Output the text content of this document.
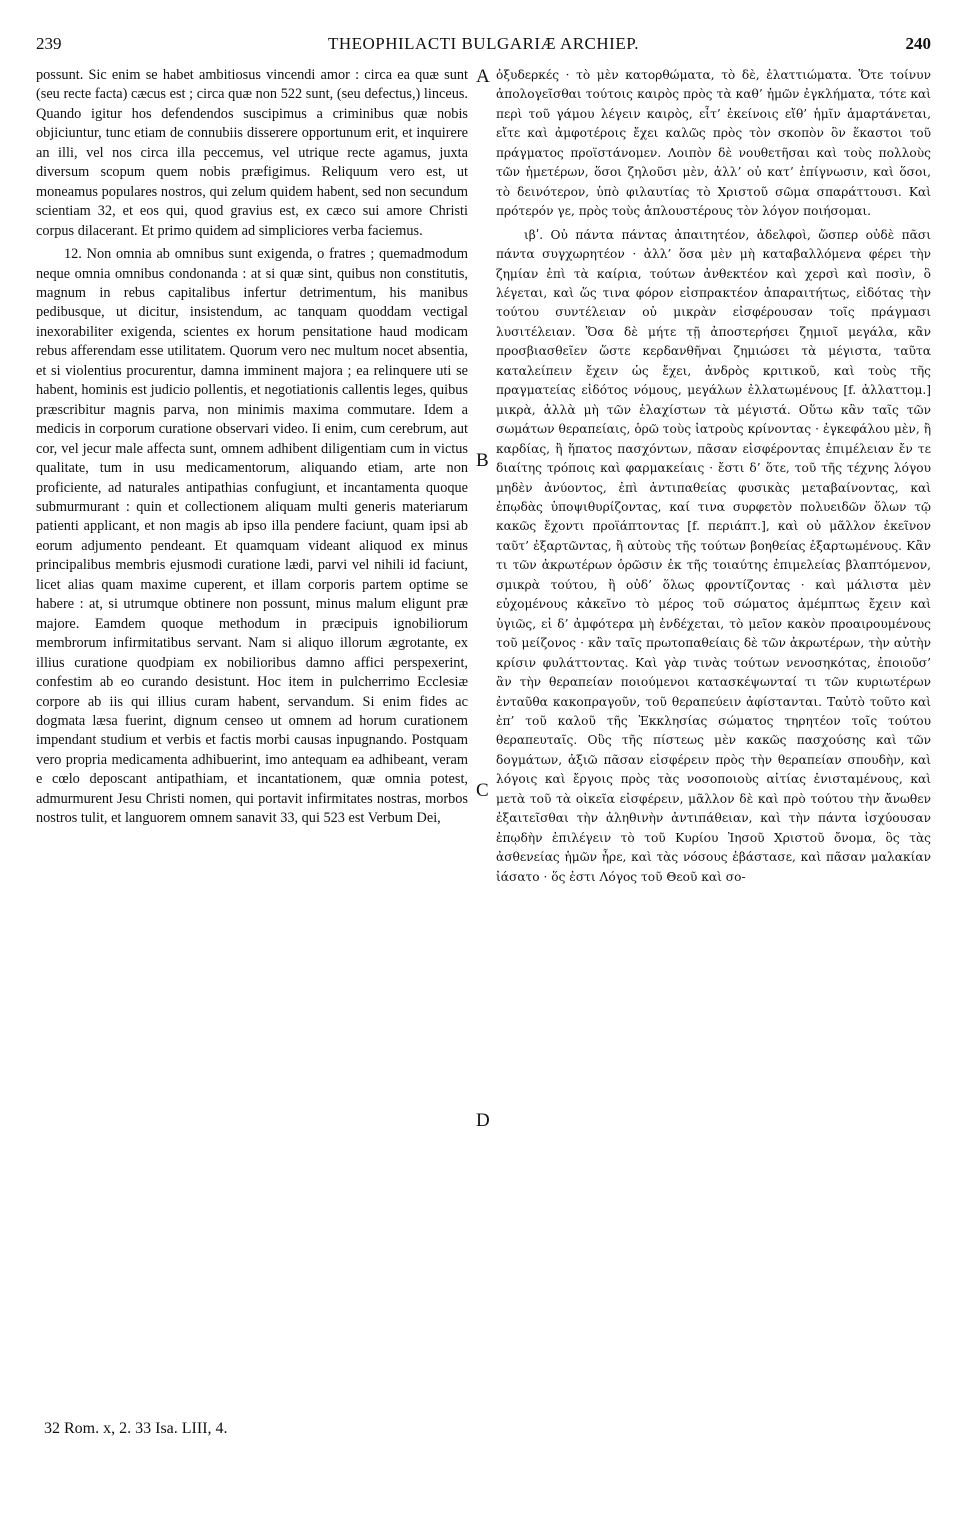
239	THEOPHILACTI BULGARIÆ ARCHIEP.	240

possunt. Sic enim se habet ambitiosus vincendi amor : circa ea quæ sunt (seu recte facta) cæcus est ; circa quæ non 522 sunt, (seu defectus,) linceus. Quando igitur hos defendendos suscipimus a criminibus quæ nobis objiciuntur, tunc etiam de connubiis disserere opportunum erit, et inquirere an illi, vel nos circa illa peccemus, vel utrique recte agamus, juxta diversum scopum quem nobis præfigimus. Reliquum vero est, ut moneamus populares nostros, qui zelum quidem habent, sed non secundum scientiam 32, et eos qui, quod gravius est, ex cæco sui amore Christi corpus dilacerant. Et primo quidem ad simpliciores verba faciemus.

12. Non omnia ab omnibus sunt exigenda, o fratres ; quemadmodum neque omnia omnibus condonanda : at si quæ sint, quibus non constitutis, magnum in rebus capitalibus infertur detrimentum, his manibus pedibusque, ut dicitur, insistendum, ac tanquam quoddam vectigal inexorabiliter exigenda, scientes ex horum pensitatione haud modicam rebus afferendam esse utilitatem. Quorum vero nec multum nocet absentia, et si violentius procurentur, damna imminent majora ; ea relinquere uti se habent, hominis est judicio pollentis, et negotiationis callentis leges, quibus præscribitur magnis parva, non minimis maxima commutare. Idem a medicis in corporum curatione observari video. Ii enim, cum cerebrum, aut cor, vel jecur male affecta sunt, omnem adhibent diligentiam cum in victus qualitate, tum in usu medicamentorum, aliquando etiam, arte non proficiente, ad naturales antipathias confugiunt, et incantamenta quoque submurmurant : quin et collectionem aliquam multi generis materiarum patienti applicant, et non magis ab ipso illa pendere faciunt, quam ipsi ab eorum adjumento pendeant. Et quamquam videant aliquod ex minus principalibus membris ejusmodi curatione lædi, parvi vel nihili id faciunt, licet alias quam maxime cuperent, et illam corporis partem optime se habere : at, si utrumque obtinere non possunt, minus malum eligunt præ majore. Eamdem quoque methodum in præcipuis ignobiliorum membrorum infirmitatibus servant. Nam si aliquo illorum ægrotante, ex illius curatione quodpiam ex nobilioribus damno affici perspexerint, confestim ab eo curando desistunt. Hoc item in pulcherrimo Ecclesiæ corpore ab iis qui illius curam habent, servandum. Si enim fides ac dogmata læsa fuerint, dignum censeo ut omnem ad horum curationem impendant studium et verbis et factis morbi causas inpugnando. Postquam vero propria medicamenta adhibuerint, imo antequam ea adhibeant, veram e cœlo deposcant antipathiam, et incantationem, quæ omnia potest, admurmurent Jesu Christi nomen, qui portavit infirmitates nostras, morbos nostros tulit, et languorem omnem sanavit 33, qui 523 est Verbum Dei,

ὀξυδερκές · τὸ μὲν κατορθώματα, τὸ δὲ, ἐλαττιώματα. Ὅτε τοίνυν ἀπολογεῖσθαι τούτοις καιρὸς πρὸς τὰ καθ’ ἡμῶν ἐγκλήματα, τότε καὶ περὶ τοῦ γάμου λέγειν καιρὸς, εἶτ’ ἐκείνοις εἴθ’ ἡμῖν ἁμαρτάνεται, εἴτε καὶ ἀμφοτέροις ἔχει καλῶς πρὸς τὸν σκοπὸν ὃν ἕκαστοι τοῦ πράγματος προϊστάνομεν. Λοιπὸν δὲ νουθετῆσαι καὶ τοὺς πολλοὺς τῶν ἡμετέρων, ὅσοι ζηλοῦσι μὲν, ἀλλ’ οὐ κατ’ ἐπίγνωσιν, καὶ ὅσοι, τὸ δεινότερον, ὑπὸ φιλαυτίας τὸ Χριστοῦ σῶμα σπαράττουσι. Καὶ πρότερόν γε, πρὸς τοὺς ἁπλουστέρους τὸν λόγον ποιήσομαι.

ιβʹ. Οὐ πάντα πάντας ἀπαιτητέον, ἀδελφοὶ, ὥσπερ οὐδὲ πᾶσι πάντα συγχωρητέον · ἀλλ’ ὅσα μὲν μὴ καταβαλλόμενα φέρει τὴν ζημίαν ἐπὶ τὰ καίρια, τούτων ἀνθεκτέον καὶ χερσὶ καὶ ποσὶν, ὃ λέγεται, καὶ ὥς τινα φόρον εἰσπρακτέον ἀπαραιτήτως, εἰδότας τὴν τούτου συντέλειαν οὐ μικρὰν εἰσφέρουσαν τοῖς πράγμασι λυσιτέλειαν. Ὅσα δὲ μήτε τῇ ἀποστερήσει ζημιοῖ μεγάλα, κἂν προσβιασθεῖεν ὥστε κερδανθῆναι ζημιώσει τὰ μέγιστα, ταῦτα καταλείπειν ἔχειν ὡς ἔχει, ἀνδρὸς κριτικοῦ, καὶ τοὺς τῆς πραγματείας εἰδότος νόμους, μεγάλων ἐλλατωμένους [f. ἀλλαττομ.] μικρὰ, ἀλλὰ μὴ τῶν ἐλαχίστων τὰ μέγιστά. Οὕτω κἂν ταῖς τῶν σωμάτων θεραπείαις, ὁρῶ τοὺς ἰατροὺς κρίνοντας · ἐγκεφάλου μὲν, ἢ καρδίας, ἢ ἥπατος πασχόντων, πᾶσαν εἰσφέροντας ἐπιμέλειαν ἔν τε διαίτης τρόποις καὶ φαρμακείαις · ἔστι δ’ ὅτε, τοῦ τῆς τέχνης λόγου μηδὲν ἀνύοντος, ἐπὶ ἀντιπαθείας φυσικὰς μεταβαίνοντας, καὶ ἐπῳδὰς ὑποψιθυρίζοντας, καί τινα συρφετὸν πολυειδῶν ὅλων τῷ κακῶς ἔχοντι προϊάπτοντας [f. περιάπτ.], καὶ οὐ μᾶλλον ἐκεῖνον ταῦτ’ ἐξαρτῶντας, ἢ αὐτοὺς τῆς τούτων βοηθείας ἐξαρτωμένους. Κἂν τι τῶν ἀκρωτέρων ὁρῶσιν ἐκ τῆς τοιαύτης ἐπιμελείας βλαπτόμενον, σμικρὰ τούτου, ἢ οὐδ’ ὅλως φροντίζοντας · καὶ μάλιστα μὲν εὐχομένους κἀκεῖνο τὸ μέρος τοῦ σώματος ἀμέμπτως ἔχειν καὶ ὑγιῶς, εἰ δ’ ἀμφότερα μὴ ἐνδέχεται, τὸ μεῖον κακὸν προαιρουμένους τοῦ μείζονος · κἂν ταῖς πρωτοπαθείαις δὲ τῶν ἀκρωτέρων, τὴν αὐτὴν κρίσιν φυλάττοντας. Καὶ γὰρ τινὰς τούτων νενοσηκότας, ἐποιοῦσ’ ἂν τὴν θεραπείαν ποιούμενοι κατασκέψωνταί τι τῶν κυριωτέρων ἐνταῦθα κακοπραγοῦν, τοῦ θεραπεύειν ἀφίστανται. Ταὐτὸ τοῦτο καὶ ἐπ’ τοῦ καλοῦ τῆς Ἐκκλησίας σώματος τηρητέον τοῖς τούτου θεραπευταῖς. Οὓς τῆς πίστεως μὲν κακῶς πασχούσης καὶ τῶν δογμάτων, ἀξιῶ πᾶσαν εἰσφέρειν πρὸς τὴν θεραπείαν σπουδὴν, καὶ λόγοις καὶ ἔργοις πρὸς τὰς νοσοποιοὺς αἰτίας ἐνισταμένους, καὶ μετὰ τοῦ τὰ οἰκεῖα εἰσφέρειν, μᾶλλον δὲ καὶ πρὸ τούτου τὴν ἄνωθεν ἐξαιτεῖσθαι τὴν ἀληθινὴν ἀντιπάθειαν, καὶ τὴν πάντα ἰσχύουσαν ἐπῳδὴν ἐπιλέγειν τὸ τοῦ Κυρίου Ἰησοῦ Χριστοῦ ὄνομα, ὃς τὰς ἀσθενείας ἡμῶν ἦρε, καὶ τὰς νόσους ἐβάστασε, καὶ πᾶσαν μαλακίαν ἰάσατο · ὅς ἐστι Λόγος τοῦ Θεοῦ καὶ σο-

A
B
C
D
32 Rom. x, 2. 33 Isa. LIII, 4.
